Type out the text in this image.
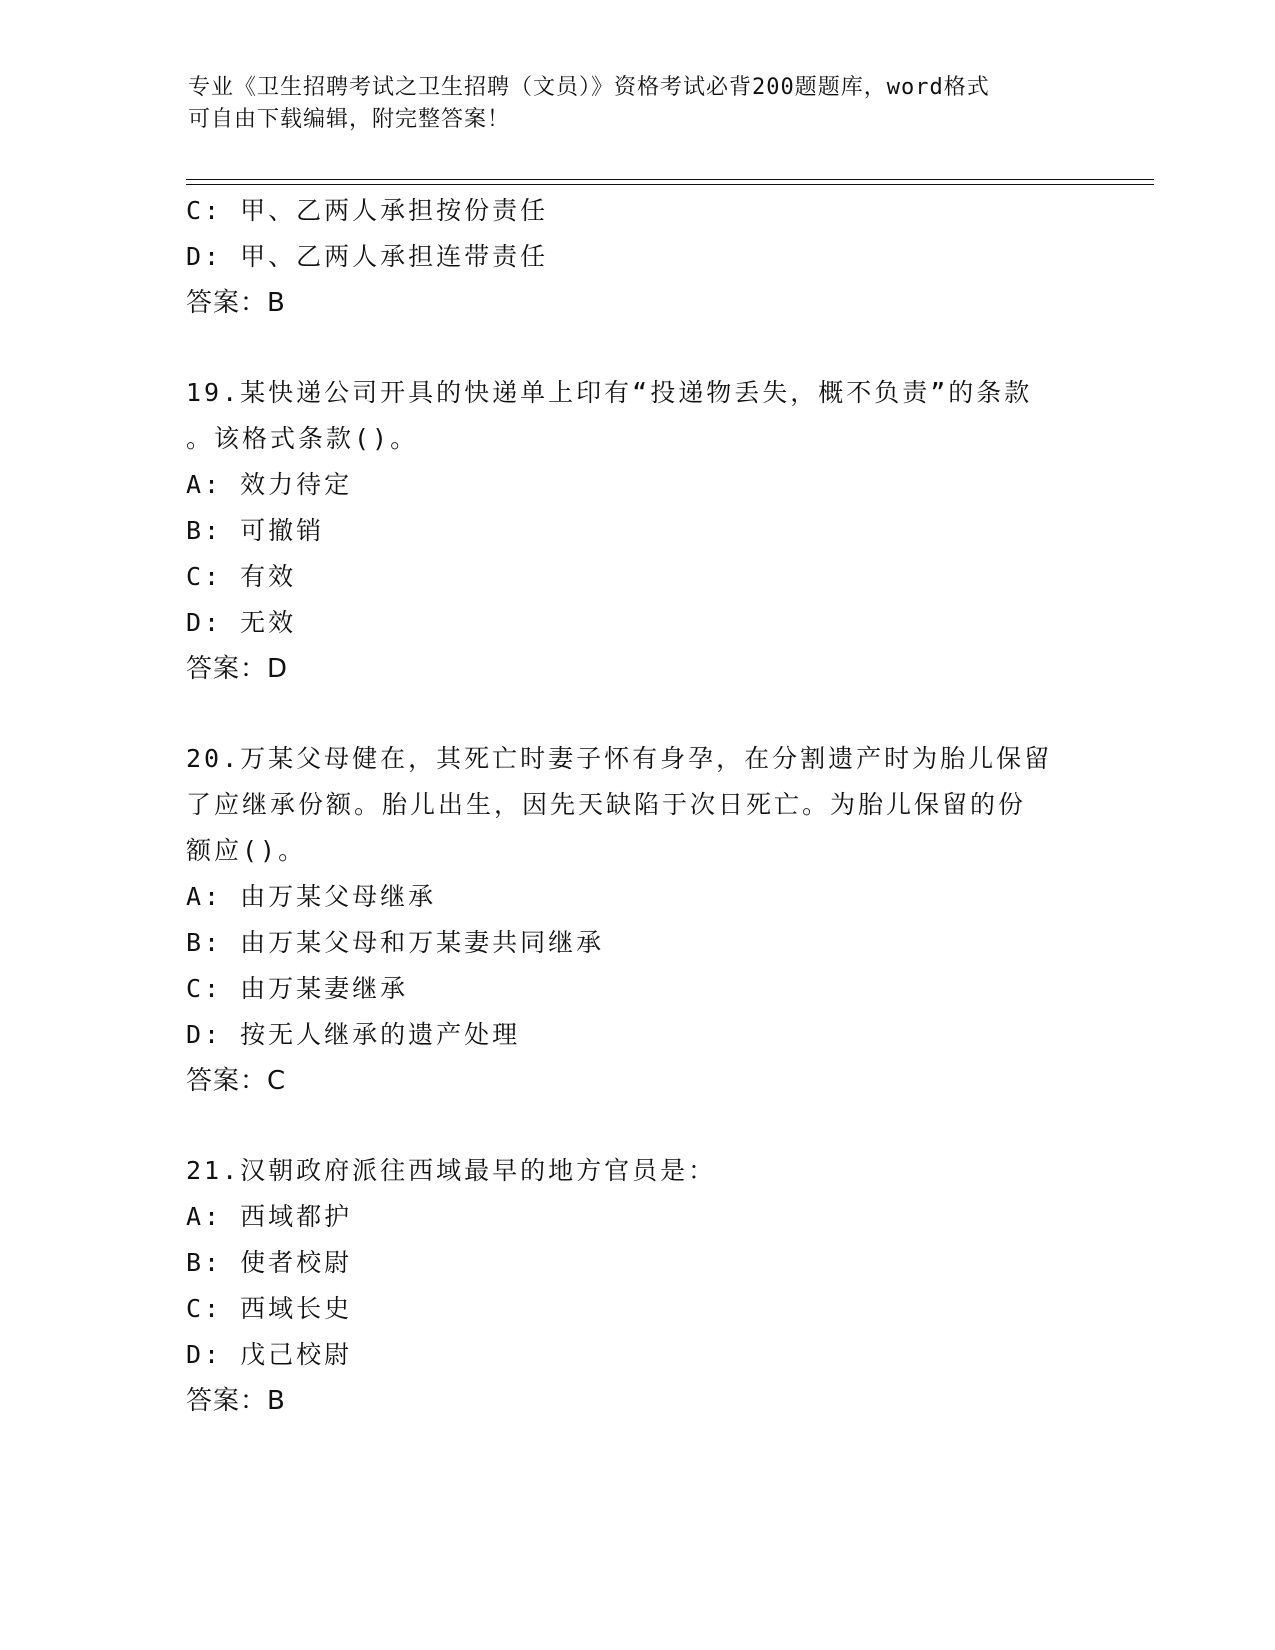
专业《卫生招聘考试之卫生招聘（文员）》资格考试必背200题题库，word格式
可自由下载编辑，附完整答案！
C: 甲、乙两人承担按份责任
D: 甲、乙两人承担连带责任
答案：B
19.某快递公司开具的快递单上印有“投递物丢失，概不负责”的条款
。该格式条款()。
A: 效力待定
B: 可撤销
C: 有效
D: 无效
答案：D
20.万某父母健在，其死亡时妻子怀有身孕，在分割遗产时为胎儿保留
了应继承份额。胎儿出生，因先天缺陷于次日死亡。为胎儿保留的份
额应()。
A: 由万某父母继承
B: 由万某父母和万某妻共同继承
C: 由万某妻继承
D: 按无人继承的遗产处理
答案：C
21.汉朝政府派往西域最早的地方官员是：
A: 西域都护
B: 使者校尉
C: 西域长史
D: 戊己校尉
答案：B
